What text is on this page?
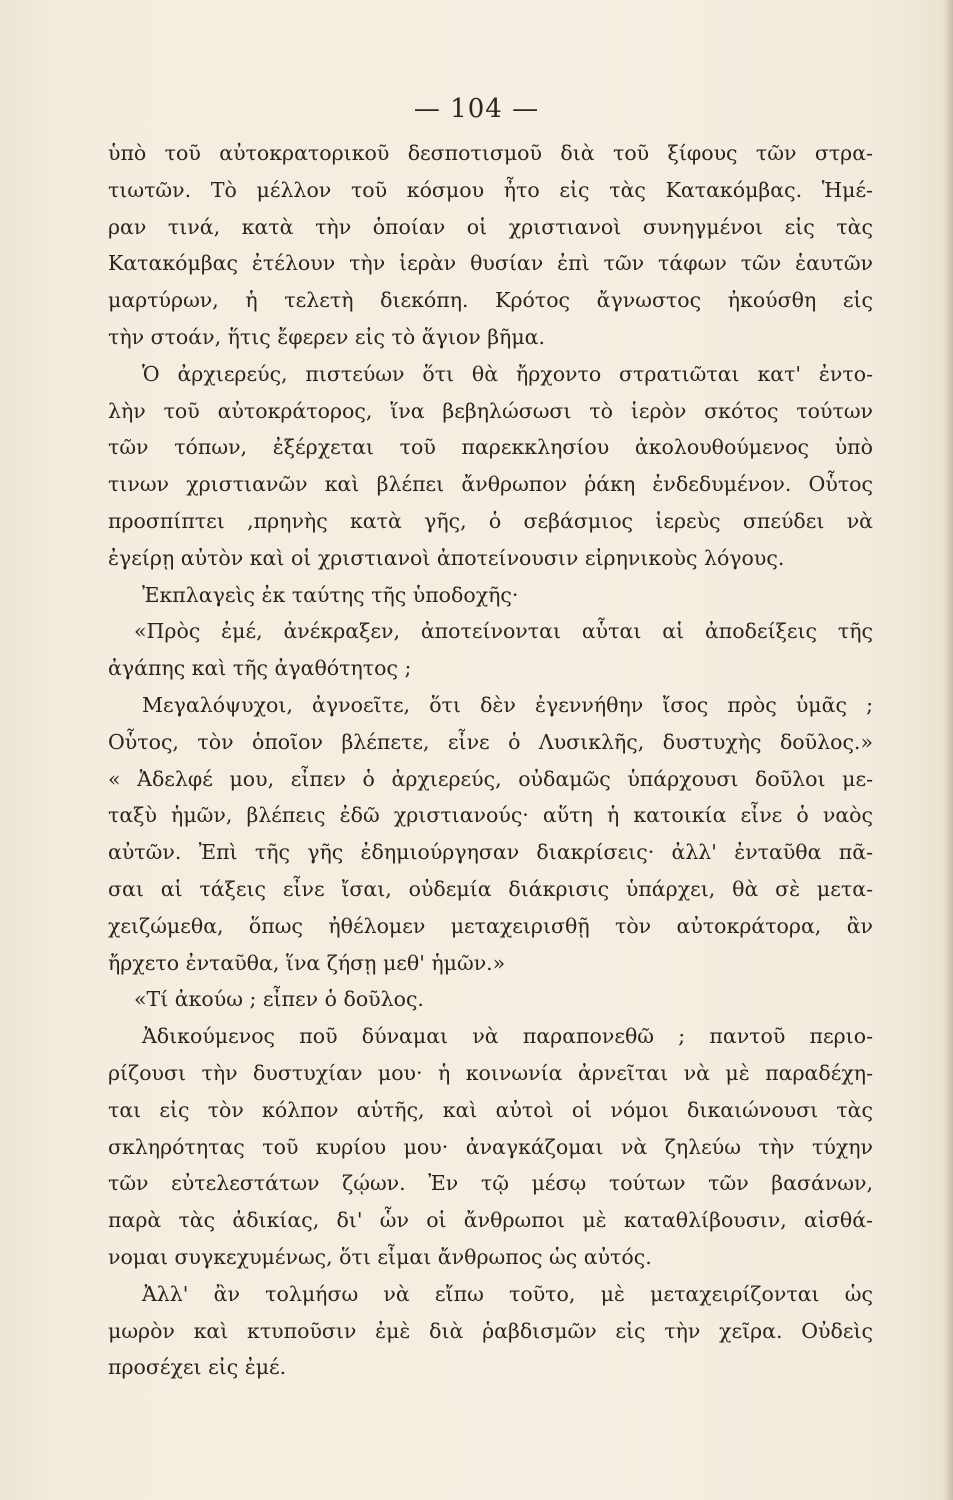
— 104 —
ὑπὸ τοῦ αὐτοκρατορικοῦ δεσποτισμοῦ διὰ τοῦ ξίφους τῶν στρα-
τιωτῶν. Τὸ μέλλον τοῦ κόσμου ἦτο εἰς τὰς Κατακόμβας. Ἡμέ-
ραν τινά, κατὰ τὴν ὁποίαν οἱ χριστιανοὶ συνηγμένοι εἰς τὰς
Κατακόμβας ἐτέλουν τὴν ἱερὰν θυσίαν ἐπὶ τῶν τάφων τῶν ἑαυτῶν
μαρτύρων, ἡ τελετὴ διεκόπη. Κρότος ἄγνωστος ἠκούσθη εἰς
τὴν στοάν, ἥτις ἔφερεν εἰς τὸ ἅγιον βῆμα.
Ὁ ἀρχιερεύς, πιστεύων ὅτι θὰ ἤρχοντο στρατιῶται κατ' ἐντο-
λὴν τοῦ αὐτοκράτορος, ἵνα βεβηλώσωσι τὸ ἱερὸν σκότος τούτων
τῶν τόπων, ἐξέρχεται τοῦ παρεκκλησίου ἀκολουθούμενος ὑπὸ
τινων χριστιανῶν καὶ βλέπει ἄνθρωπον ῥάκη ἐνδεδυμένον. Οὗτος
προσπίπτει ,πρηνὴς κατὰ γῆς, ὁ σεβάσμιος ἱερεὺς σπεύδει νὰ
ἐγείρῃ αὐτὸν καὶ οἱ χριστιανοὶ ἀποτείνουσιν εἰρηνικοὺς λόγους.
Ἐκπλαγεὶς ἐκ ταύτης τῆς ὑποδοχῆς·
«Πρὸς ἐμέ, ἀνέκραξεν, ἀποτείνονται αὗται αἱ ἀποδείξεις τῆς
ἀγάπης καὶ τῆς ἀγαθότητος ;
Μεγαλόψυχοι, ἀγνοεῖτε, ὅτι δὲν ἐγεννήθην ἴσος πρὸς ὑμᾶς ;
Οὗτος, τὸν ὁποῖον βλέπετε, εἶνε ὁ Λυσικλῆς, δυστυχὴς δοῦλος.»
« Ἀδελφέ μου, εἶπεν ὁ ἀρχιερεύς, οὐδαμῶς ὑπάρχουσι δοῦλοι με-
ταξὺ ἡμῶν, βλέπεις ἐδῶ χριστιανούς· αὕτη ἡ κατοικία εἶνε ὁ ναὸς
αὐτῶν. Ἐπὶ τῆς γῆς ἐδημιούργησαν διακρίσεις· ἀλλ' ἐνταῦθα πᾶ-
σαι αἱ τάξεις εἶνε ἴσαι, οὐδεμία διάκρισις ὑπάρχει, θὰ σὲ μετα-
χειζώμεθα, ὅπως ἠθέλομεν μεταχειρισθῇ τὸν αὐτοκράτορα, ἂν
ἤρχετο ἐνταῦθα, ἵνα ζήσῃ μεθ' ἡμῶν.»
«Τί ἀκούω ; εἶπεν ὁ δοῦλος.
Ἀδικούμενος ποῦ δύναμαι νὰ παραπονεθῶ ; παντοῦ περιο-
ρίζουσι τὴν δυστυχίαν μου· ἡ κοινωνία ἀρνεῖται νὰ μὲ παραδέχη-
ται εἰς τὸν κόλπον αὑτῆς, καὶ αὐτοὶ οἱ νόμοι δικαιώνουσι τὰς
σκληρότητας τοῦ κυρίου μου· ἀναγκάζομαι νὰ ζηλεύω τὴν τύχην
τῶν εὐτελεστάτων ζῴων. Ἐν τῷ μέσῳ τούτων τῶν βασάνων,
παρὰ τὰς ἀδικίας, δι' ὧν οἱ ἄνθρωποι μὲ καταθλίβουσιν, αἰσθά-
νομαι συγκεχυμένως, ὅτι εἶμαι ἄνθρωπος ὡς αὐτός.
Ἀλλ' ἂν τολμήσω νὰ εἴπω τοῦτο, μὲ μεταχειρίζονται ὡς
μωρὸν καὶ κτυποῦσιν ἐμὲ διὰ ῥαβδισμῶν εἰς τὴν χεῖρα. Οὐδεὶς
προσέχει εἰς ἐμέ.
